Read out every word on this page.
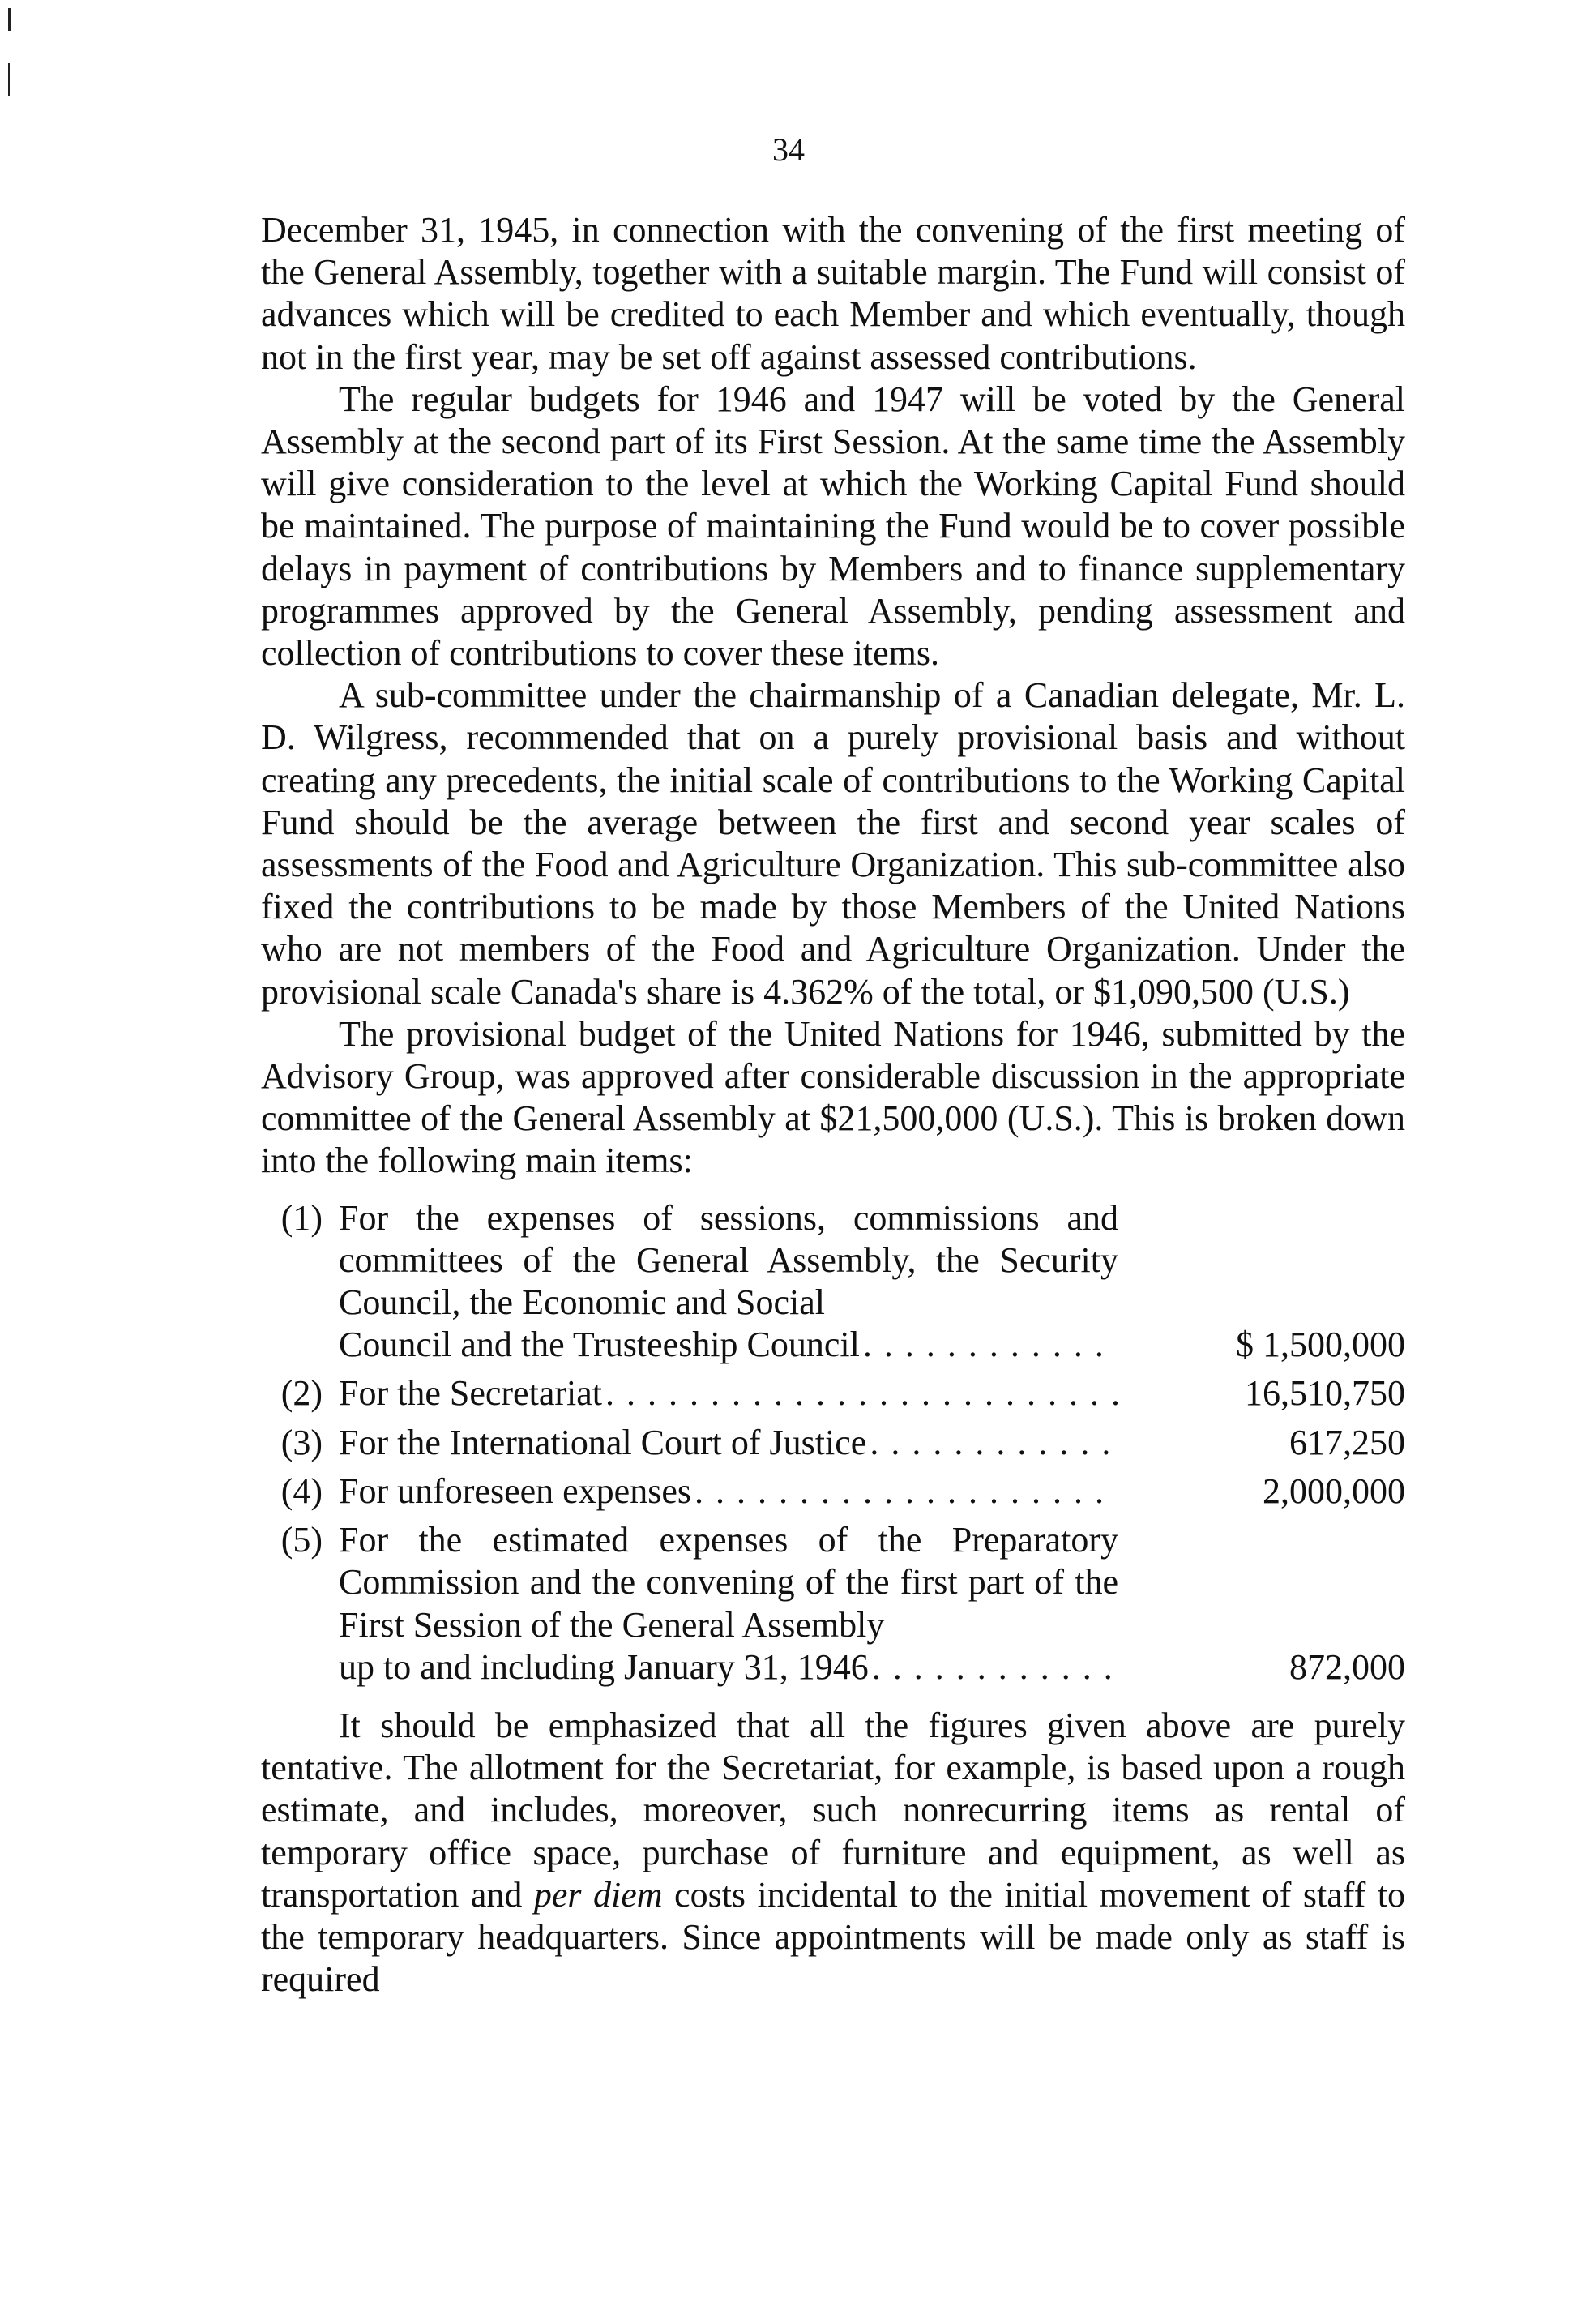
34

December 31, 1945, in connection with the convening of the first meeting of the General Assembly, together with a suitable margin. The Fund will consist of advances which will be credited to each Member and which eventually, though not in the first year, may be set off against assessed contributions.

The regular budgets for 1946 and 1947 will be voted by the General Assembly at the second part of its First Session. At the same time the Assembly will give consideration to the level at which the Working Capital Fund should be maintained. The purpose of maintaining the Fund would be to cover possible delays in payment of contributions by Members and to finance supplementary programmes approved by the General Assembly, pending assessment and collection of contributions to cover these items.

A sub-committee under the chairmanship of a Canadian delegate, Mr. L. D. Wilgress, recommended that on a purely provisional basis and without creating any precedents, the initial scale of contributions to the Working Capital Fund should be the average between the first and second year scales of assessments of the Food and Agriculture Organization. This sub-committee also fixed the contributions to be made by those Members of the United Nations who are not members of the Food and Agriculture Organization. Under the provisional scale Canada's share is 4.362% of the total, or $1,090,500 (U.S.)

The provisional budget of the United Nations for 1946, submitted by the Advisory Group, was approved after considerable discussion in the appropriate committee of the General Assembly at $21,500,000 (U.S.). This is broken down into the following main items:

(1) For the expenses of sessions, commissions and committees of the General Assembly, the Security Council, the Economic and Social
Council and the Trusteeship Council . . .	$ 1,500,000
(2) For the Secretariat . . .	16,510,750
(3) For the International Court of Justice . . .	617,250
(4) For unforeseen expenses . . .	2,000,000
(5) For the estimated expenses of the Preparatory Commission and the convening of the first part of the First Session of the General Assembly
up to and including January 31, 1946 . . .	872,000

It should be emphasized that all the figures given above are purely tentative. The allotment for the Secretariat, for example, is based upon a rough estimate, and includes, moreover, such nonrecurring items as rental of temporary office space, purchase of furniture and equipment, as well as transportation and per diem costs incidental to the initial movement of staff to the temporary headquarters. Since appointments will be made only as staff is required
